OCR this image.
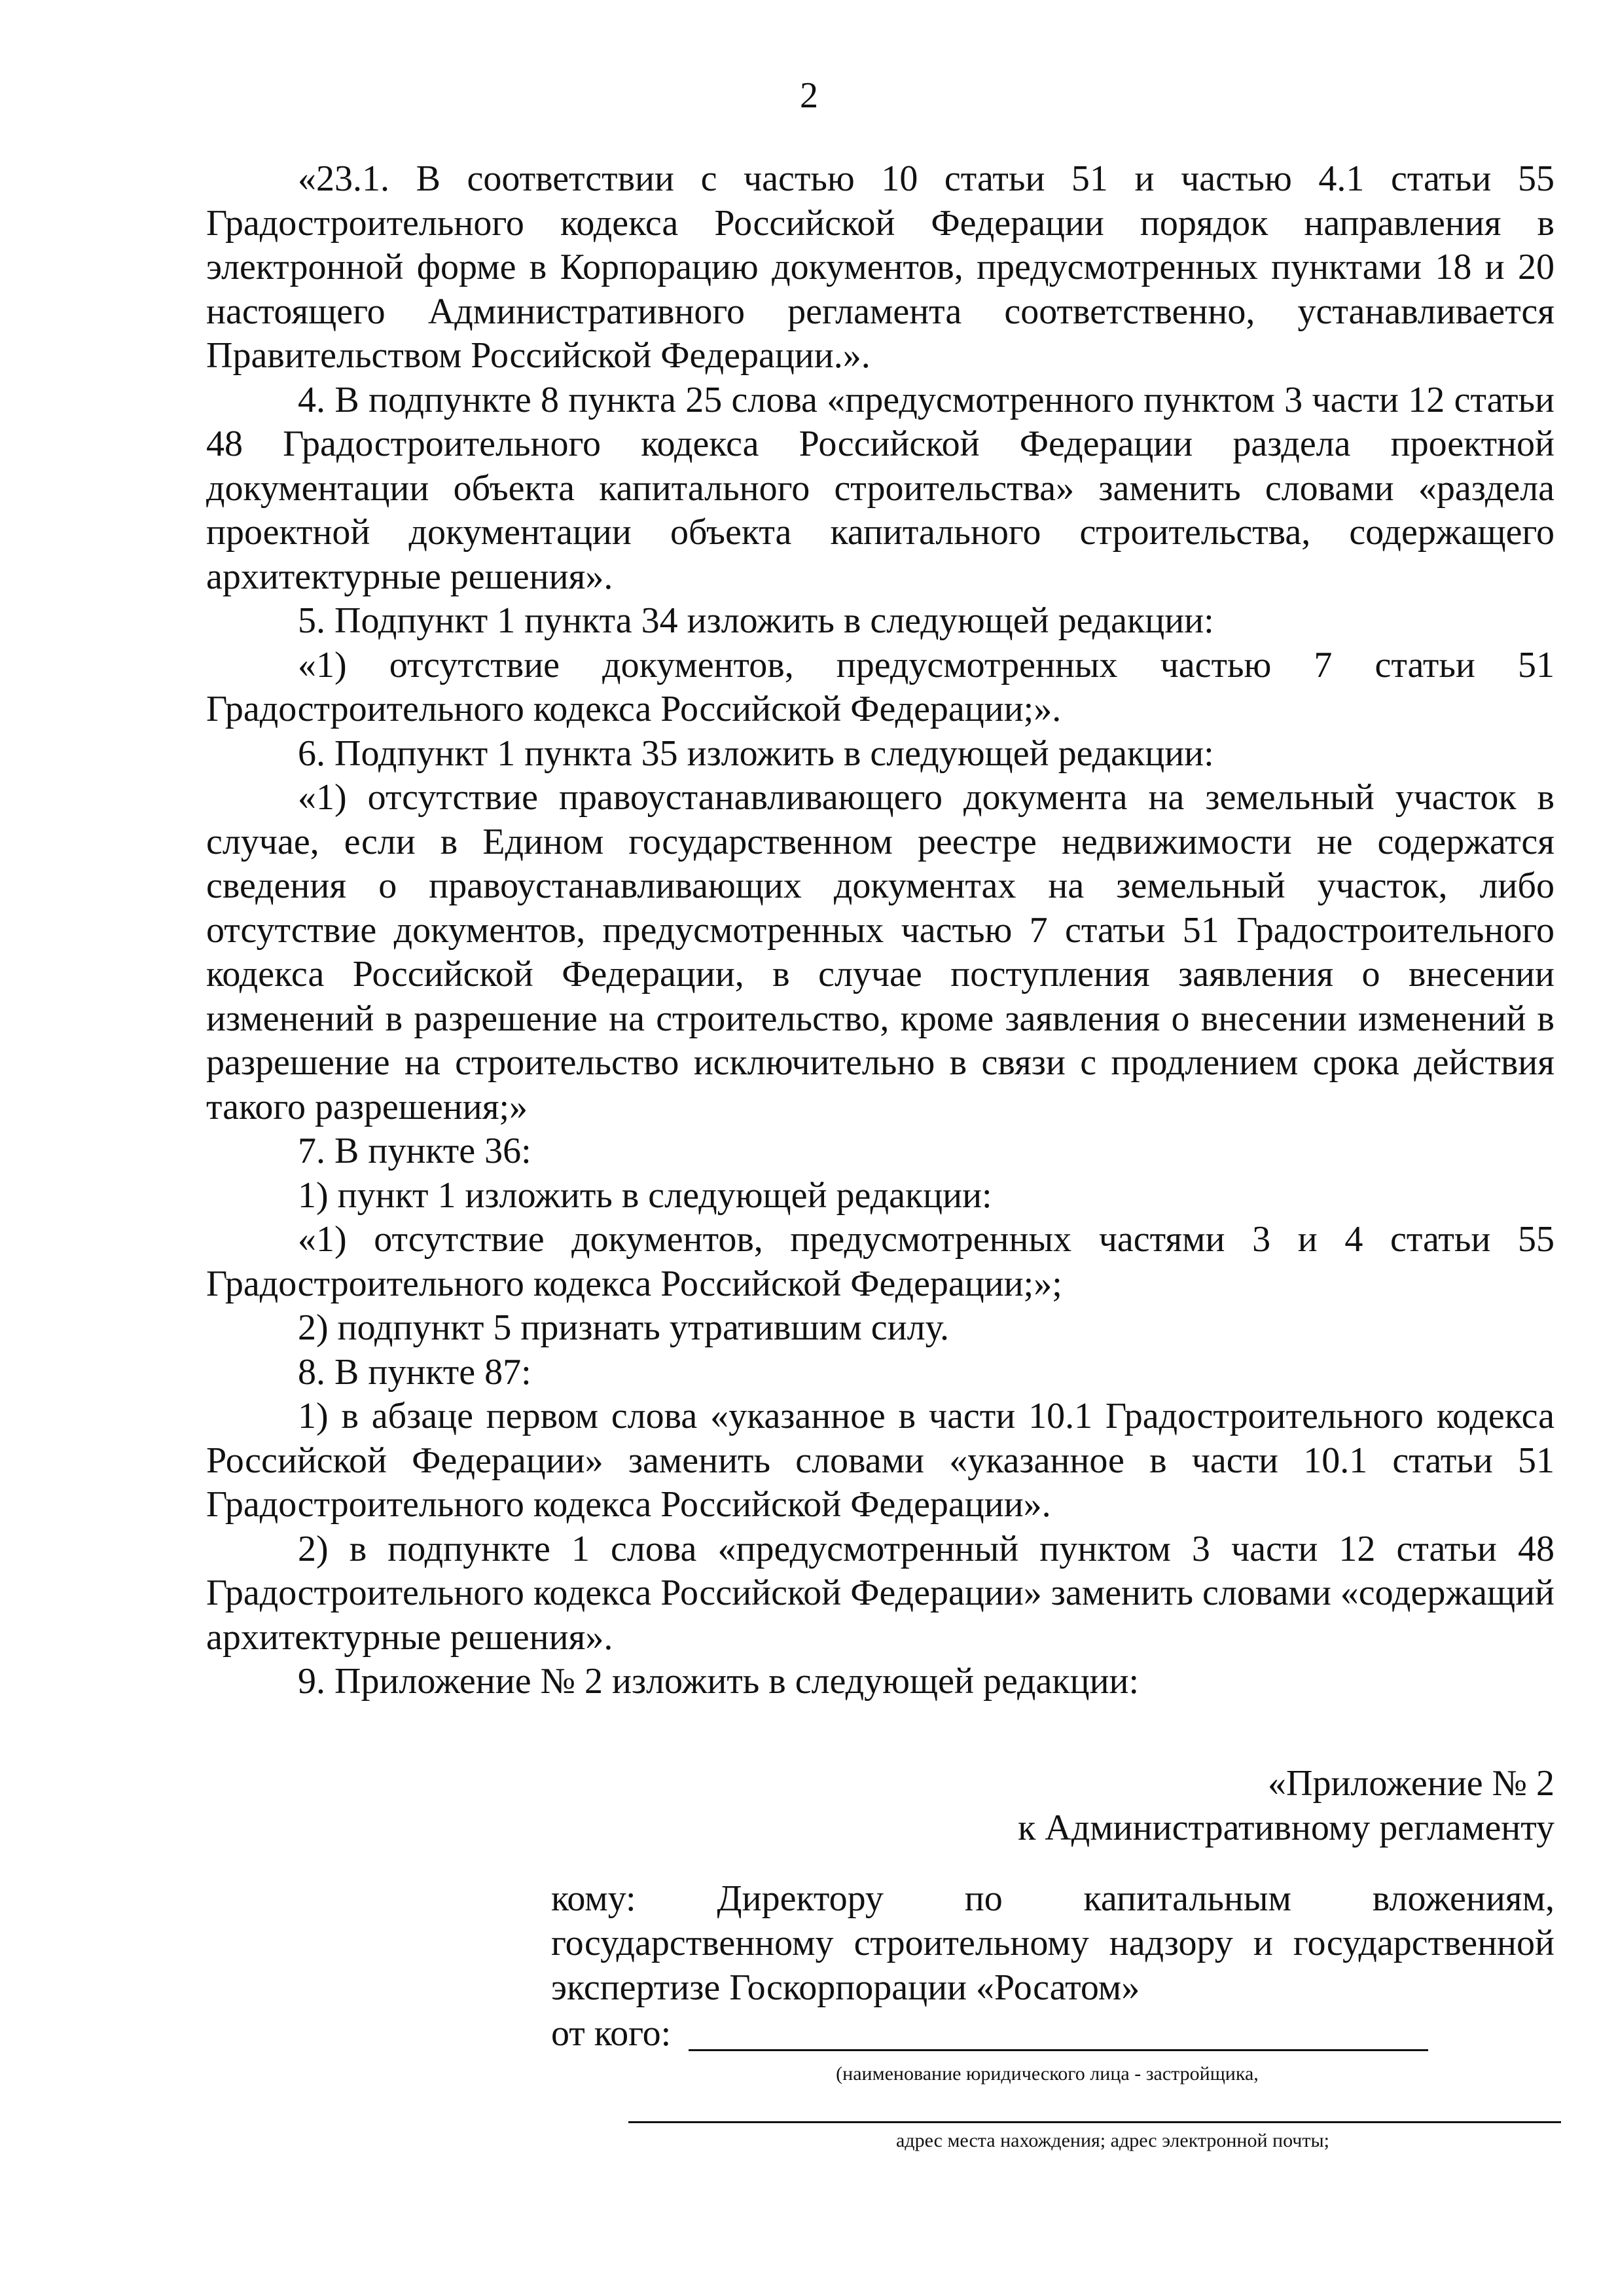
2

«23.1. В соответствии с частью 10 статьи 51 и частью 4.1 статьи 55 Градостроительного кодекса Российской Федерации порядок направления в электронной форме в Корпорацию документов, предусмотренных пунктами 18 и 20 настоящего Административного регламента соответственно, устанавливается Правительством Российской Федерации.».

4. В подпункте 8 пункта 25 слова «предусмотренного пунктом 3 части 12 статьи 48 Градостроительного кодекса Российской Федерации раздела проектной документации объекта капитального строительства» заменить словами «раздела проектной документации объекта капитального строительства, содержащего архитектурные решения».

5. Подпункт 1 пункта 34 изложить в следующей редакции:

«1) отсутствие документов, предусмотренных частью 7 статьи 51 Градостроительного кодекса Российской Федерации;».

6. Подпункт 1 пункта 35 изложить в следующей редакции:

«1) отсутствие правоустанавливающего документа на земельный участок в случае, если в Едином государственном реестре недвижимости не содержатся сведения о правоустанавливающих документах на земельный участок, либо отсутствие документов, предусмотренных частью 7 статьи 51 Градостроительного кодекса Российской Федерации, в случае поступления заявления о внесении изменений в разрешение на строительство, кроме заявления о внесении изменений в разрешение на строительство исключительно в связи с продлением срока действия такого разрешения;»

7. В пункте 36:

1) пункт 1 изложить в следующей редакции:

«1) отсутствие документов, предусмотренных частями 3 и 4 статьи 55 Градостроительного кодекса Российской Федерации;»;

2) подпункт 5 признать утратившим силу.

8. В пункте 87:

1) в абзаце первом слова «указанное в части 10.1 Градостроительного кодекса Российской Федерации» заменить словами «указанное в части 10.1 статьи 51 Градостроительного кодекса Российской Федерации».

2) в подпункте 1 слова «предусмотренный пунктом 3 части 12 статьи 48 Градостроительного кодекса Российской Федерации» заменить словами «содержащий архитектурные решения».

9. Приложение № 2 изложить в следующей редакции:

«Приложение № 2
к Административному регламенту
кому: Директору по капитальным вложениям, государственному строительному надзору и государственной экспертизе Госкорпорации «Росатом»
от кого:
(наименование юридического лица - застройщика,
адрес места нахождения; адрес электронной почты;
